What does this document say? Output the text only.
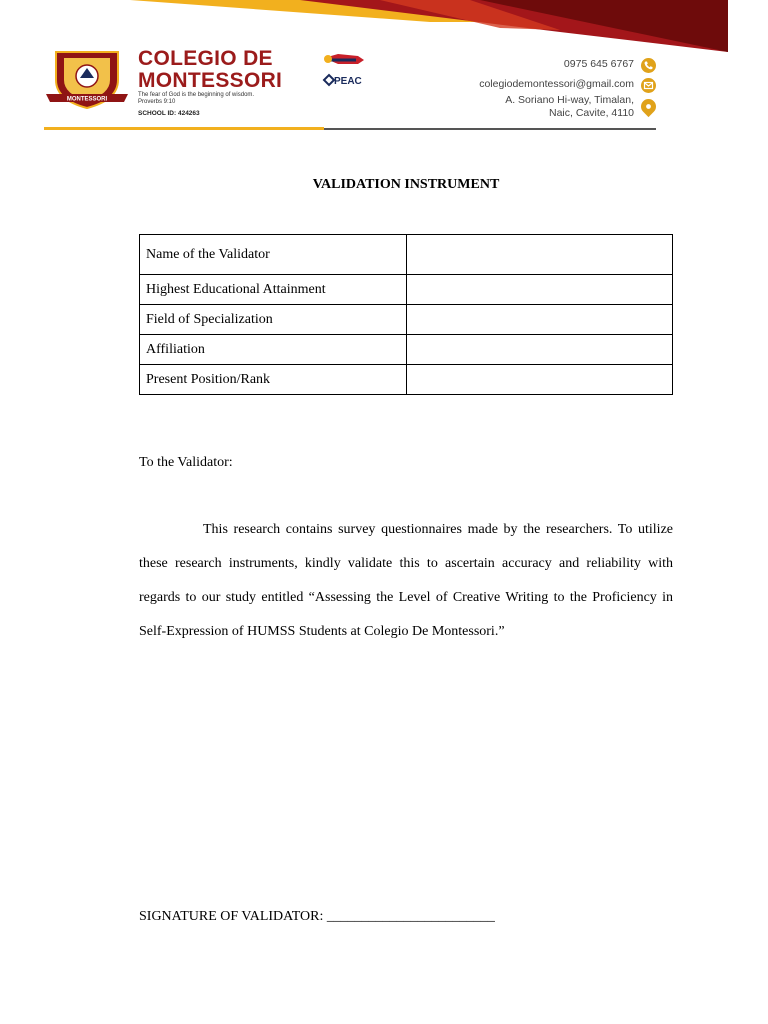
MONTESSORI
COLEGIO DE
MONTESSORI
The fear of God is the beginning of wisdom.
Proverbs 9:10
SCHOOL ID: 424263
PEAC
0975 645 6767
colegiodemontessori@gmail.com
A. Soriano Hi-way, Timalan,
Naic, Cavite, 4110
VALIDATION INSTRUMENT
Name of the Validator	
Highest Educational Attainment	
Field of Specialization	
Affiliation	
Present Position/Rank	
To the Validator:
This research contains survey questionnaires made by the researchers. To utilize these research instruments, kindly validate this to ascertain accuracy and reliability with regards to our study entitled “Assessing the Level of Creative Writing to the Proficiency in Self-Expression of HUMSS Students at Colegio De Montessori.”
SIGNATURE OF VALIDATOR: ________________________
